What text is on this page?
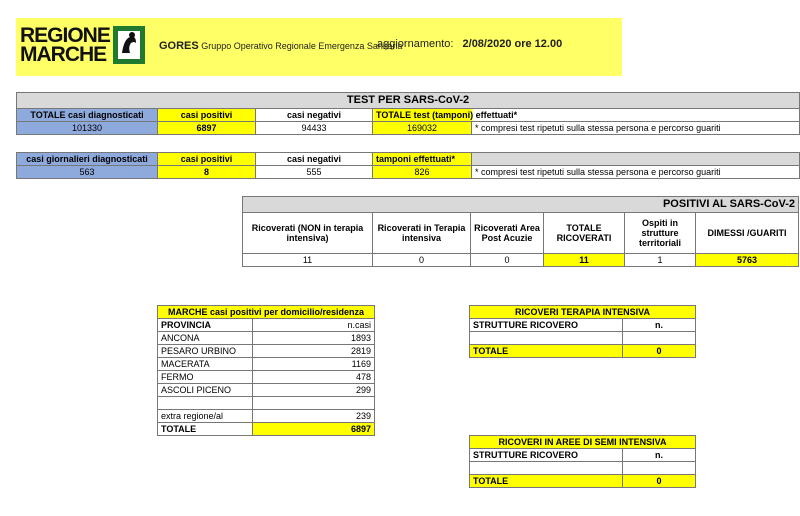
REGIONE
MARCHE	GORES Gruppo Operativo Regionale Emergenza Sanitaria
aggiornamento: 2/08/2020 ore 12.00
TEST PER SARS-CoV-2				
TOTALE casi diagnosticati	casi positivi	casi negativi	TOTALE test (tamponi) effettuati*	
101330	6897	94433	169032	* compresi test ripetuti sulla stessa persona e percorso guariti
casi giornalieri diagnosticati	casi positivi	casi negativi	tamponi effettuati*	
563	8	555	826	* compresi test ripetuti sulla stessa persona e percorso guariti
POSITIVI AL SARS-CoV-2					
Ricoverati (NON in terapia intensiva)	Ricoverati in Terapia intensiva	Ricoverati Area Post Acuzie	TOTALE RICOVERATI	Ospiti in strutture territoriali	DIMESSI /GUARITI
11	0	0	11	1	5763
MARCHE casi positivi per domicilio/residenza	
PROVINCIA	n.casi
ANCONA	1893
PESARO URBINO	2819
MACERATA	1169
FERMO	478
ASCOLI PICENO	299

extra regione/al	239
TOTALE	6897
RICOVERI TERAPIA INTENSIVA	
STRUTTURE RICOVERO	n.

TOTALE	0
RICOVERI IN AREE DI SEMI INTENSIVA	
STRUTTURE RICOVERO	n.

TOTALE	0
